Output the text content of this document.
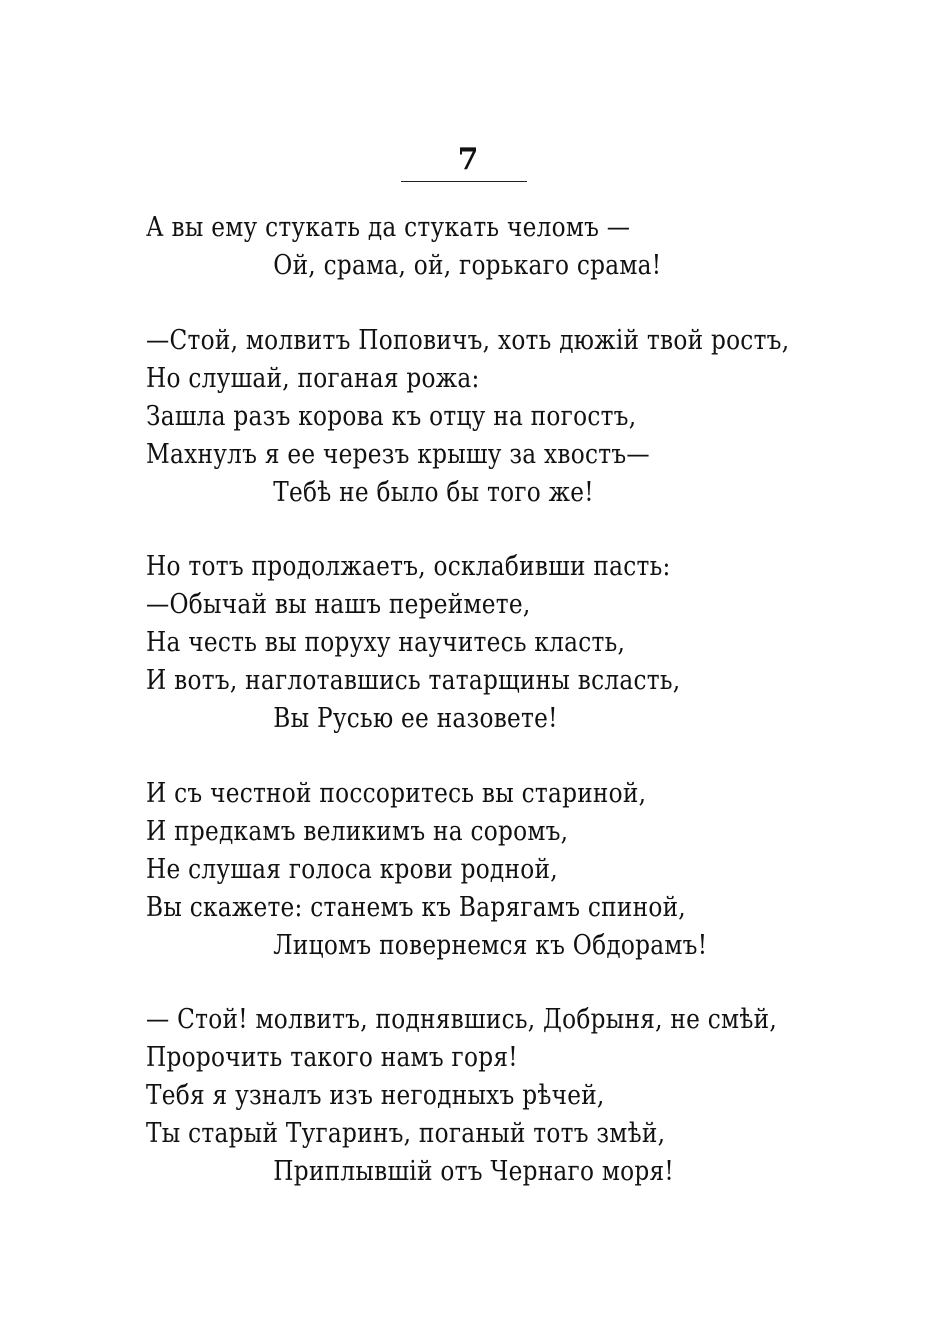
7
А вы ему стукать да стукать челомъ —
Ой, срама, ой, горькаго срама!
—Стой, молвитъ Поповичъ, хоть дюжій твой ростъ,
Но слушай, поганая рожа:
Зашла разъ корова къ отцу на погостъ,
Махнулъ я ее черезъ крышу за хвостъ—
Тебѣ не было бы того же!
Но тотъ продолжаетъ, осклабивши пасть:
—Обычай вы нашъ переймете,
На честь вы поруху научитесь класть,
И вотъ, наглотавшись татарщины всласть,
Вы Русью ее назовете!
И съ честной поссоритесь вы стариной,
И предкамъ великимъ на соромъ,
Не слушая голоса крови родной,
Вы скажете: станемъ къ Варягамъ спиной,
Лицомъ повернемся къ Обдорамъ!
— Стой! молвитъ, поднявшись, Добрыня, не смѣй,
Пророчить такого намъ горя!
Тебя я узналъ изъ негодныхъ рѣчей,
Ты старый Тугаринъ, поганый тотъ змѣй,
Приплывшій отъ Чернаго моря!
